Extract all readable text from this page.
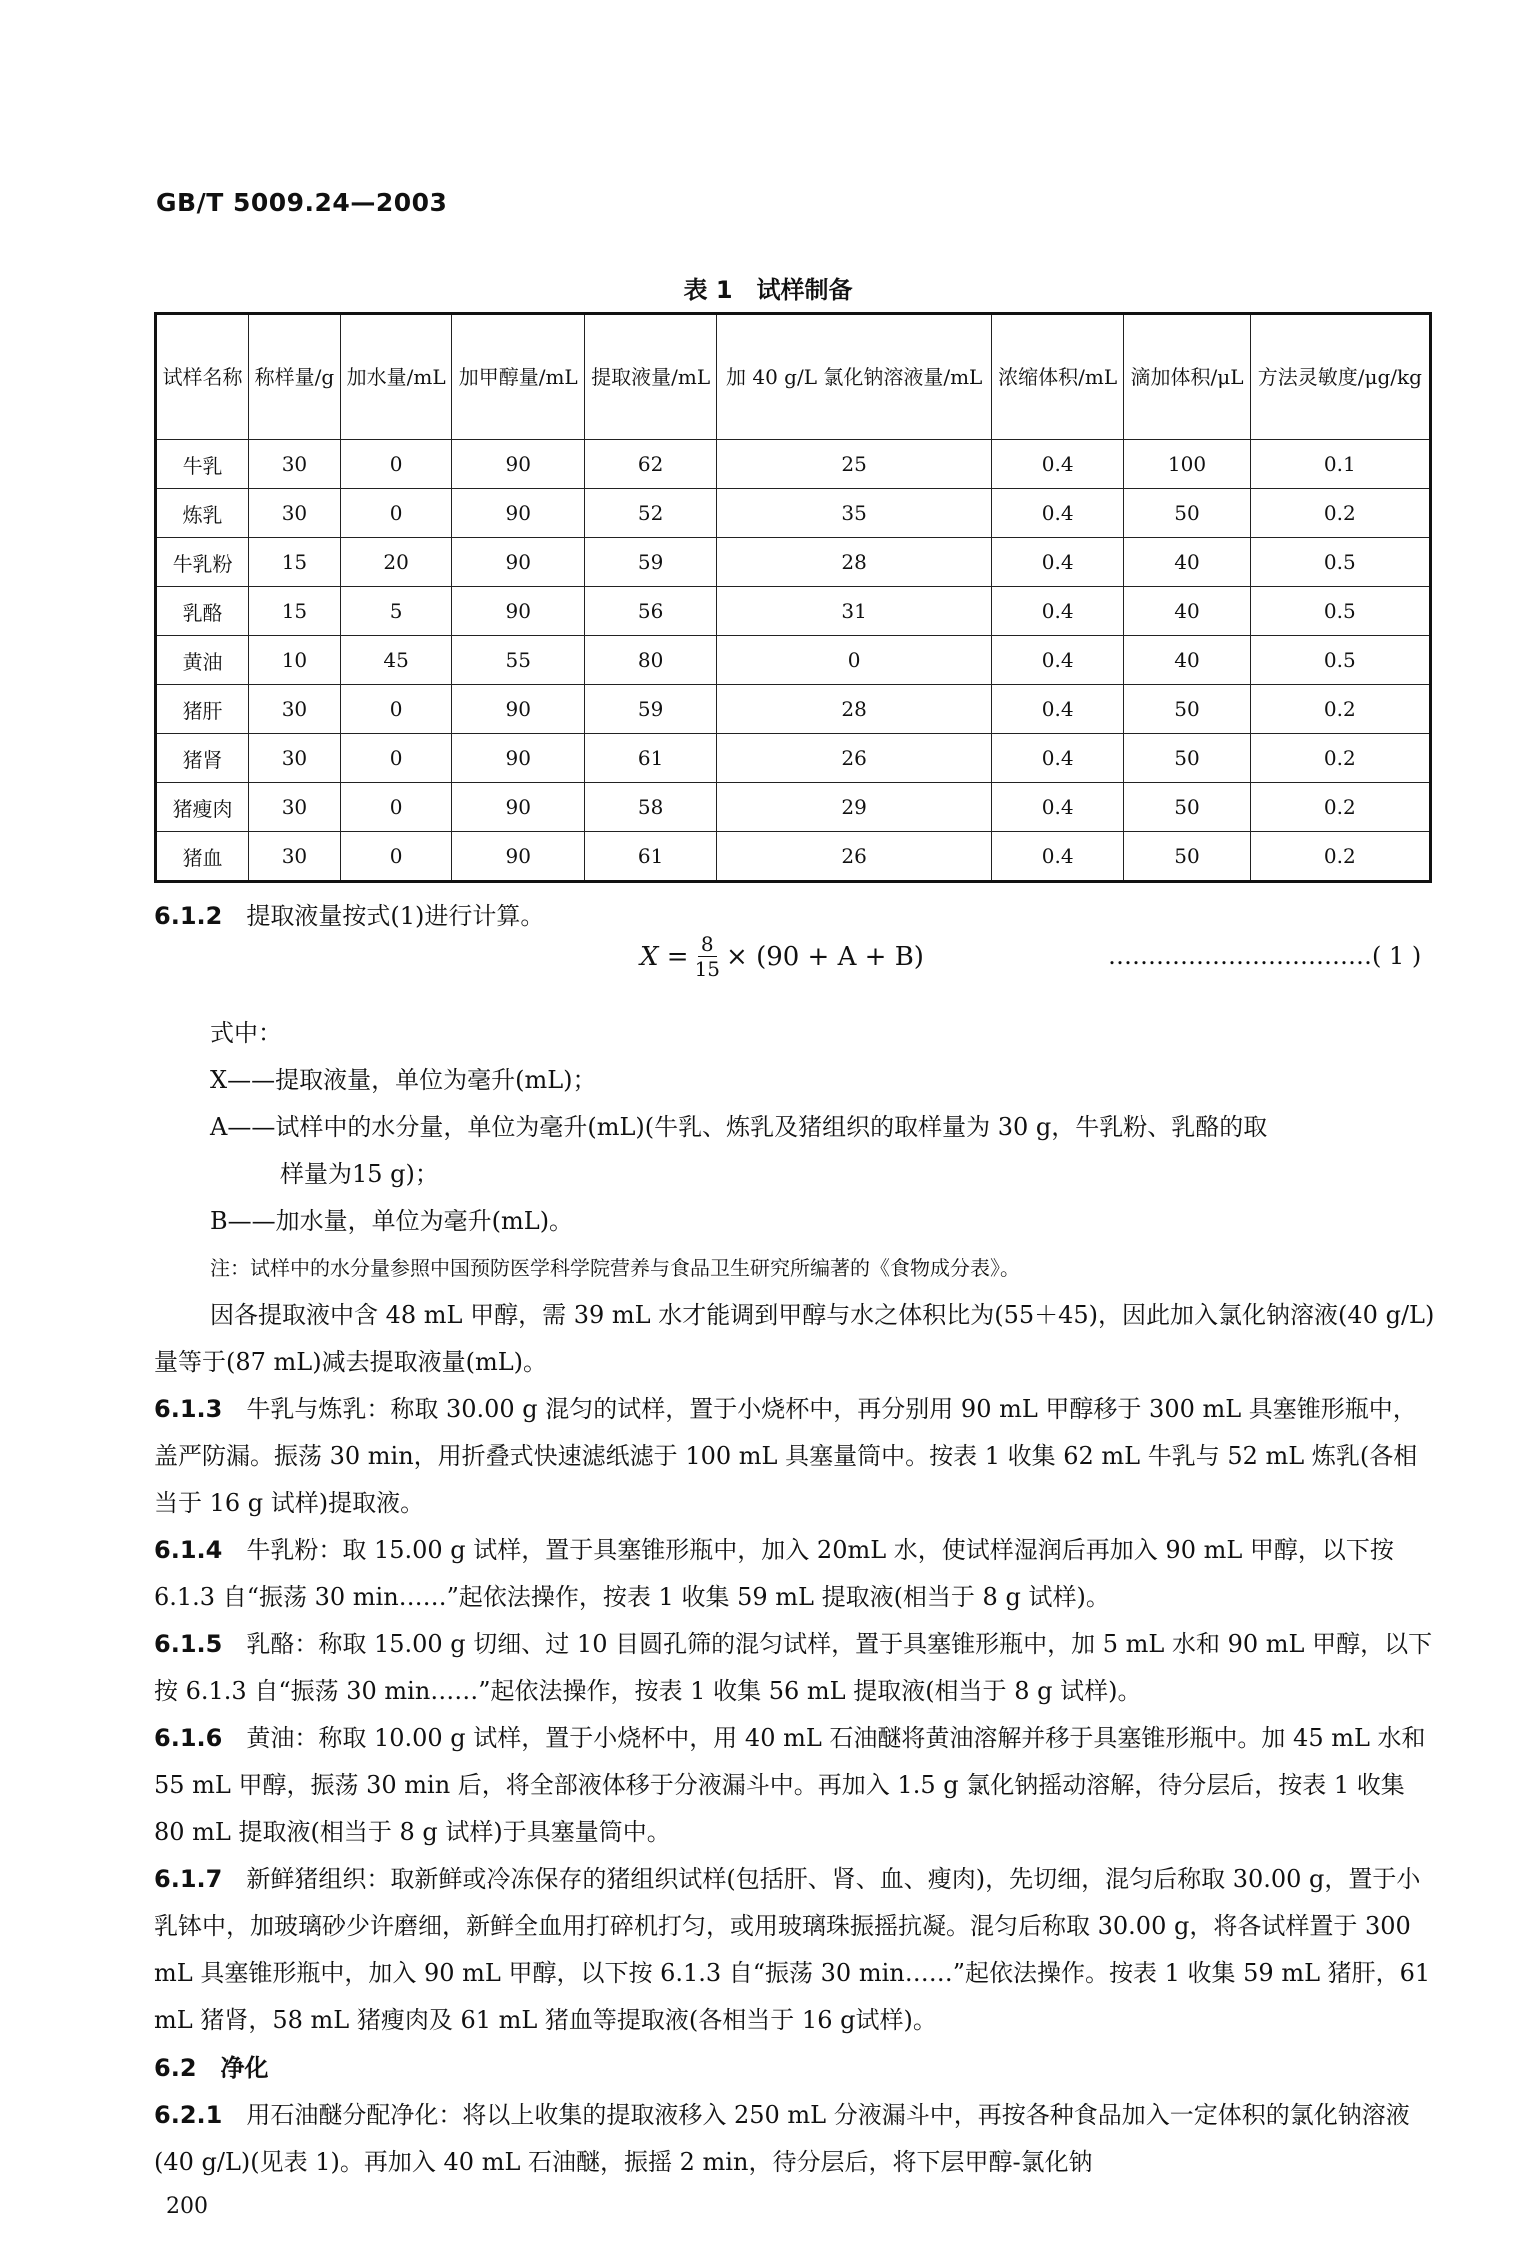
GB/T 5009.24—2003
表 1　试样制备
试样名称	称样量/g	加水量/mL	加甲醇量/mL	提取液量/mL	加 40 g/L 氯化钠溶液量/mL	浓缩体积/mL	滴加体积/μL	方法灵敏度/μg/kg
牛乳	30	0	90	62	25	0.4	100	0.1
炼乳	30	0	90	52	35	0.4	50	0.2
牛乳粉	15	20	90	59	28	0.4	40	0.5
乳酪	15	5	90	56	31	0.4	40	0.5
黄油	10	45	55	80	0	0.4	40	0.5
猪肝	30	0	90	59	28	0.4	50	0.2
猪肾	30	0	90	61	26	0.4	50	0.2
猪瘦肉	30	0	90	58	29	0.4	50	0.2
猪血	30	0	90	61	26	0.4	50	0.2

6.1.2　 提取液量按式(1)进行计算。

$X = \frac{8}{15} \times (90 + A + B)$	……………………………( 1 )

式中：

X——提取液量，单位为毫升(mL)；

A——试样中的水分量，单位为毫升(mL)(牛乳、炼乳及猪组织的取样量为 30 g，牛乳粉、乳酪的取

样量为15 g)；

B——加水量，单位为毫升(mL)。

注：试样中的水分量参照中国预防医学科学院营养与食品卫生研究所编著的《食物成分表》。

因各提取液中含 48 mL 甲醇，需 39 mL 水才能调到甲醇与水之体积比为(55＋45)，因此加入氯化钠溶液(40 g/L) 量等于(87 mL)减去提取液量(mL)。

6.1.3　 牛乳与炼乳：称取 30.00 g 混匀的试样，置于小烧杯中，再分别用 90 mL 甲醇移于 300 mL 具塞锥形瓶中，盖严防漏。振荡 30 min，用折叠式快速滤纸滤于 100 mL 具塞量筒中。按表 1 收集 62 mL 牛乳与 52 mL 炼乳(各相当于 16 g 试样)提取液。

6.1.4　 牛乳粉：取 15.00 g 试样，置于具塞锥形瓶中，加入 20mL 水，使试样湿润后再加入 90 mL 甲醇，以下按 6.1.3 自“振荡 30 min……”起依法操作，按表 1 收集 59 mL 提取液(相当于 8 g 试样)。

6.1.5　 乳酪：称取 15.00 g 切细、过 10 目圆孔筛的混匀试样，置于具塞锥形瓶中，加 5 mL 水和 90 mL 甲醇，以下按 6.1.3 自“振荡 30 min……”起依法操作，按表 1 收集 56 mL 提取液(相当于 8 g 试样)。

6.1.6　 黄油：称取 10.00 g 试样，置于小烧杯中，用 40 mL 石油醚将黄油溶解并移于具塞锥形瓶中。加 45 mL 水和 55 mL 甲醇，振荡 30 min 后，将全部液体移于分液漏斗中。再加入 1.5 g 氯化钠摇动溶解，待分层后，按表 1 收集 80 mL 提取液(相当于 8 g 试样)于具塞量筒中。

6.1.7　 新鲜猪组织：取新鲜或冷冻保存的猪组织试样(包括肝、肾、血、瘦肉)，先切细，混匀后称取 30.00 g，置于小乳钵中，加玻璃砂少许磨细，新鲜全血用打碎机打匀，或用玻璃珠振摇抗凝。混匀后称取 30.00 g，将各试样置于 300 mL 具塞锥形瓶中，加入 90 mL 甲醇，以下按 6.1.3 自“振荡 30 min……”起依法操作。按表 1 收集 59 mL 猪肝，61 mL 猪肾，58 mL 猪瘦肉及 61 mL 猪血等提取液(各相当于 16 g试样)。

6.2　 净化

6.2.1　 用石油醚分配净化：将以上收集的提取液移入 250 mL 分液漏斗中，再按各种食品加入一定体积的氯化钠溶液 (40 g/L)(见表 1)。再加入 40 mL 石油醚，振摇 2 min，待分层后，将下层甲醇-氯化钠

200
